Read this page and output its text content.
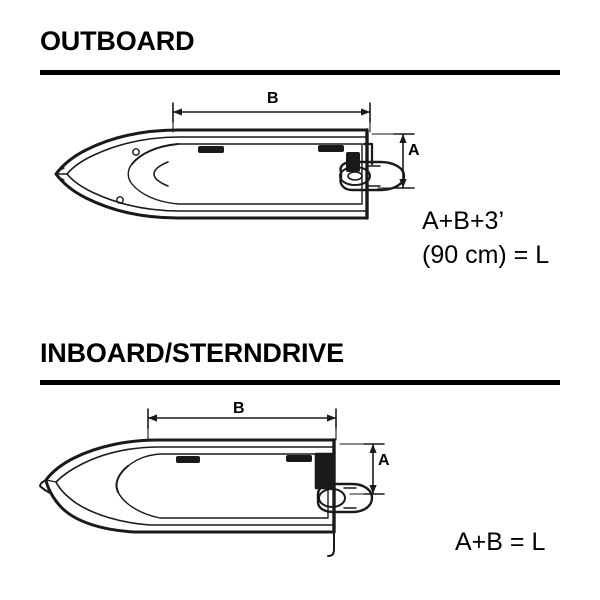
OUTBOARD
B
A
A+B+3’
(90 cm) = L
INBOARD/STERNDRIVE
B
A
A+B = L
